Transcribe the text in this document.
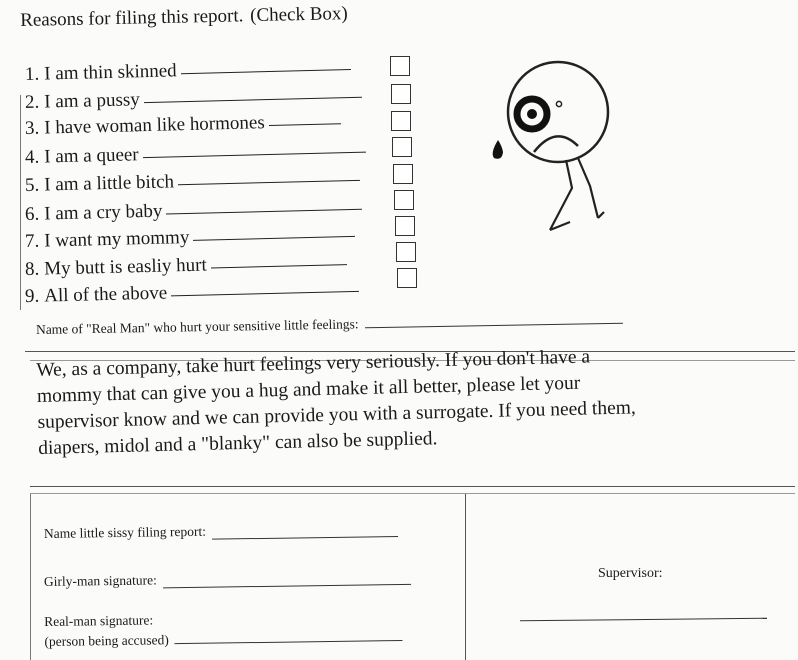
Reasons for filing this report. (Check Box)
1. I am thin skinned
2. I am a pussy
3. I have woman like hormones
4. I am a queer
5. I am a little bitch
6. I am a cry baby
7. I want my mommy
8. My butt is easliy hurt
9. All of the above
Name of "Real Man" who hurt your sensitive little feelings:
We, as a company, take hurt feelings very seriously. If you don't have a
mommy that can give you a hug and make it all better, please let your
supervisor know and we can provide you with a surrogate. If you need them,
diapers, midol and a "blanky" can also be supplied.
Name little sissy filing report:
Girly-man signature:
Real-man signature:
(person being accused)
Supervisor:
